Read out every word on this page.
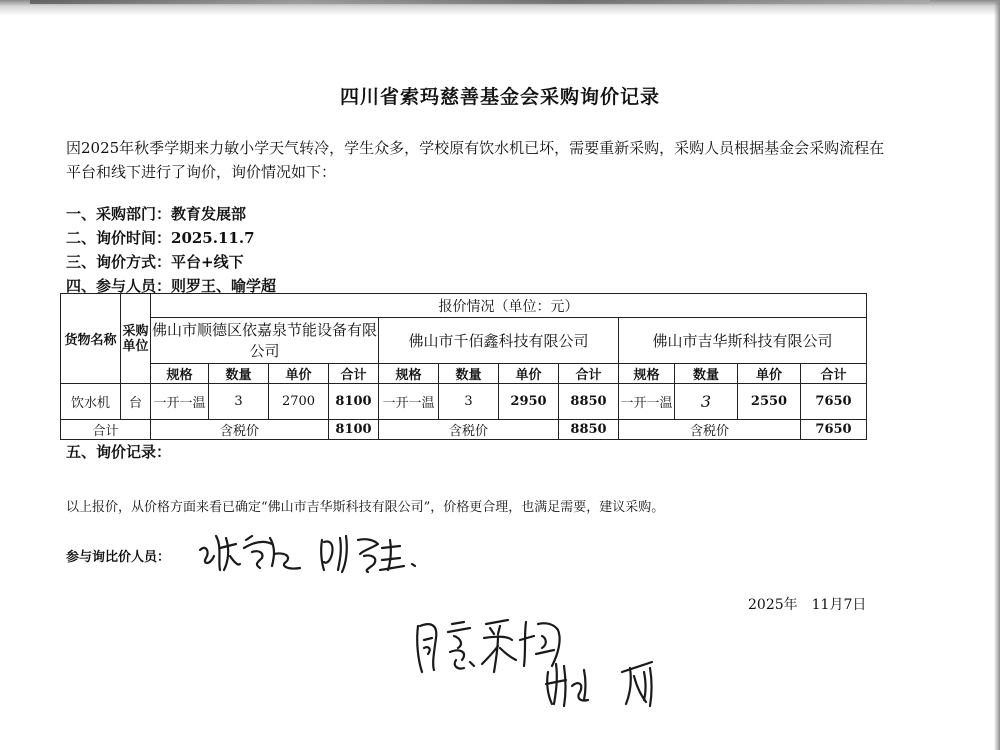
四川省索玛慈善基金会采购询价记录
因2025年秋季学期来力敏小学天气转冷，学生众多，学校原有饮水机已坏，需要重新采购，采购人员根据基金会采购流程在平台和线下进行了询价，询价情况如下：
一、采购部门：教育发展部
二、询价时间：2025.11.7
三、询价方式：平台+线下
四、参与人员：则罗王、喻学超
货物名称	采购单位	报价情况（单位：元）											
		佛山市顺德区依嘉泉节能设备有限公司				佛山市千佰鑫科技有限公司				佛山市吉华斯科技有限公司			
		规格	数量	单价	合计	规格	数量	单价	合计	规格	数量	单价	合计
饮水机	台	一开一温	3	2700	8100	一开一温	3	2950	8850	一开一温	3	2550	7650
合计		含税价			8100	含税价			8850	含税价			7650
五、询价记录：
以上报价，从价格方面来看已确定“佛山市吉华斯科技有限公司”，价格更合理，也满足需要，建议采购。
参与询比价人员：
2025年　11月7日
